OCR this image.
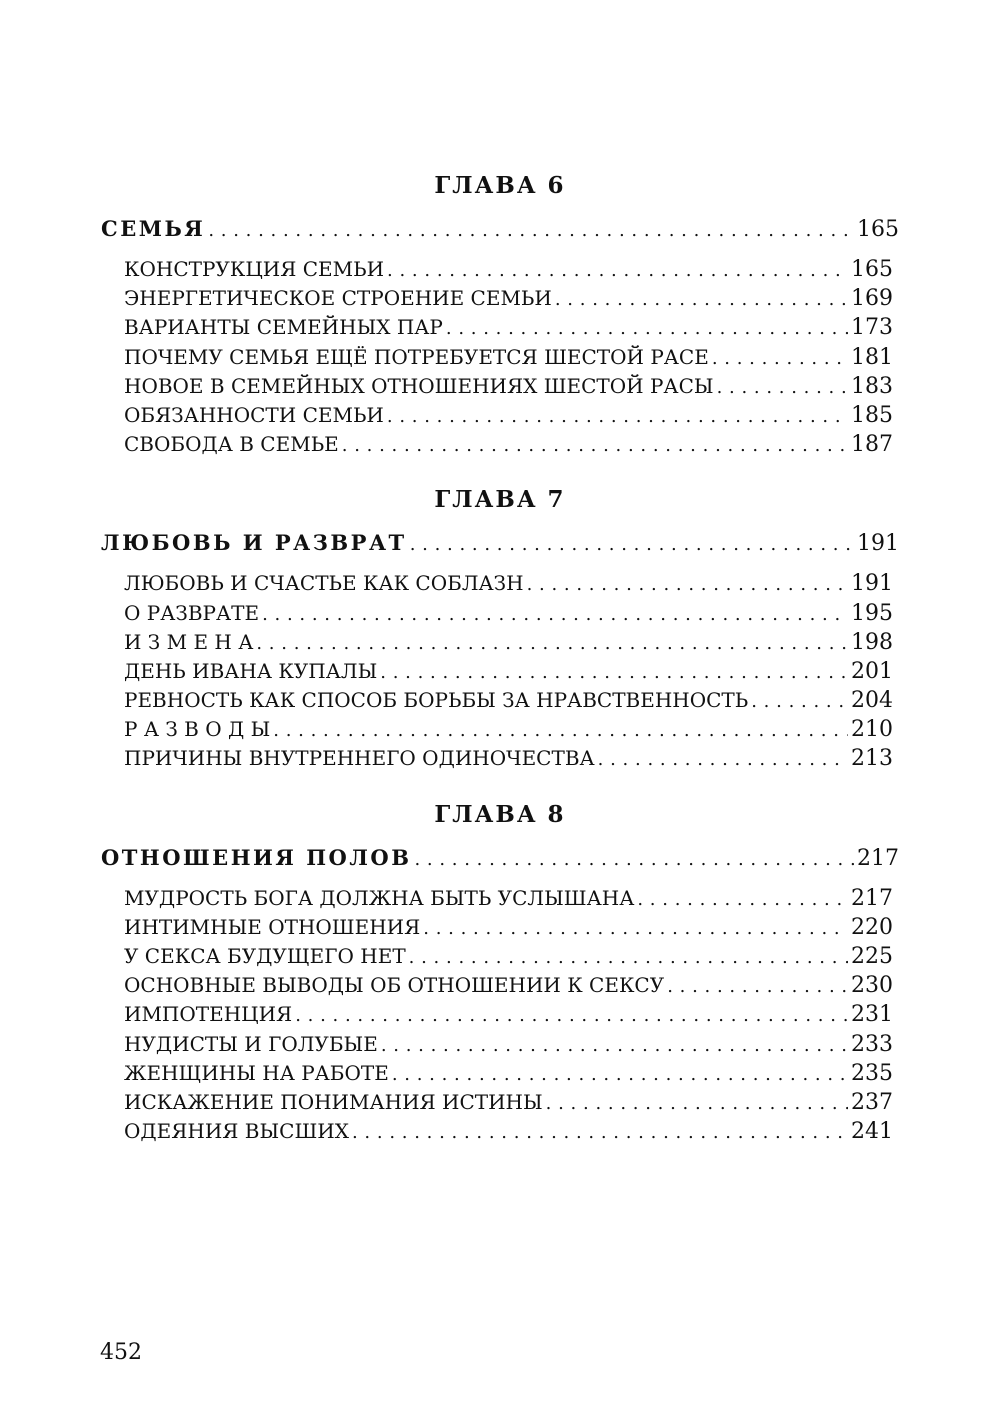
ГЛАВА 6
СЕМЬЯ . . .	165
КОНСТРУКЦИЯ СЕМЬИ . . .	165
ЭНЕРГЕТИЧЕСКОЕ СТРОЕНИЕ СЕМЬИ . . .	169
ВАРИАНТЫ СЕМЕЙНЫХ ПАР . . .	173
ПОЧЕМУ СЕМЬЯ ЕЩЁ ПОТРЕБУЕТСЯ ШЕСТОЙ РАСЕ . . .	181
НОВОЕ В СЕМЕЙНЫХ ОТНОШЕНИЯХ ШЕСТОЙ РАСЫ . . .	183
ОБЯЗАННОСТИ СЕМЬИ . . .	185
СВОБОДА В СЕМЬЕ . . .	187
ГЛАВА 7
ЛЮБОВЬ И РАЗВРАТ . . .	191
ЛЮБОВЬ И СЧАСТЬЕ КАК СОБЛАЗН . . .	191
О РАЗВРАТЕ . . .	195
И З М Е Н А . . .	198
ДЕНЬ ИВАНА КУПАЛЫ . . .	201
РЕВНОСТЬ КАК СПОСОБ БОРЬБЫ ЗА НРАВСТВЕННОСТЬ . . .	204
Р А З В О Д Ы . . .	210
ПРИЧИНЫ ВНУТРЕННЕГО ОДИНОЧЕСТВА . . .	213
ГЛАВА 8
ОТНОШЕНИЯ ПОЛОВ . . .	217
МУДРОСТЬ БОГА ДОЛЖНА БЫТЬ УСЛЫШАНА . . .	217
ИНТИМНЫЕ ОТНОШЕНИЯ . . .	220
У СЕКСА БУДУЩЕГО НЕТ . . .	225
ОСНОВНЫЕ ВЫВОДЫ ОБ ОТНОШЕНИИ К СЕКСУ . . .	230
ИМПОТЕНЦИЯ . . .	231
НУДИСТЫ И ГОЛУБЫЕ . . .	233
ЖЕНЩИНЫ НА РАБОТЕ . . .	235
ИСКАЖЕНИЕ ПОНИМАНИЯ ИСТИНЫ . . .	237
ОДЕЯНИЯ ВЫСШИХ . . .	241
452
